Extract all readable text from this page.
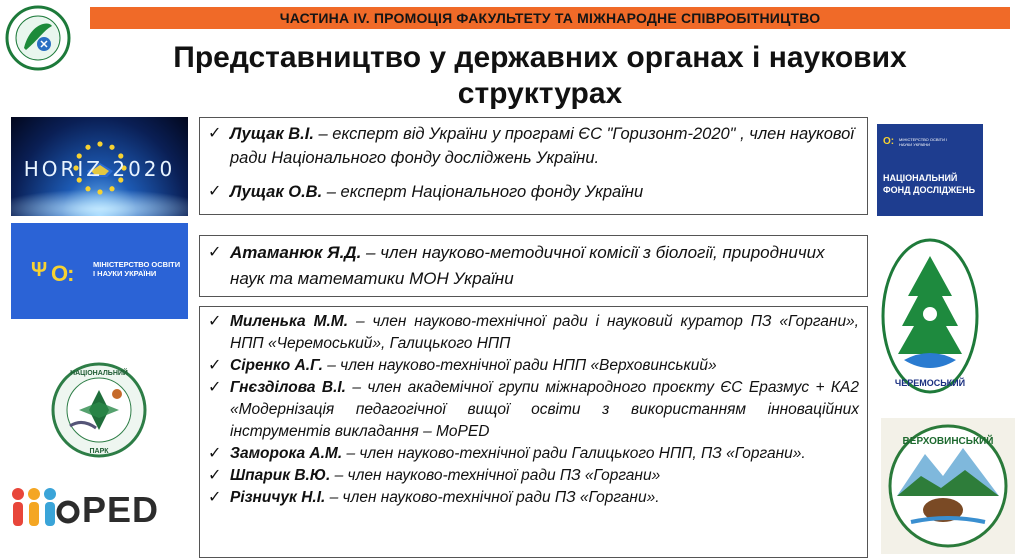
ЧАСТИНА IV. ПРОМОЦІЯ ФАКУЛЬТЕТУ ТА МІЖНАРОДНЕ СПІВРОБІТНИЦТВО
Представництво у державних органах і наукових структурах
HORIZ 2020
Ψ О:	МІНІСТЕРСТВО ОСВІТИ І НАУКИ УКРАЇНИ
НАЦІОНАЛЬНИЙ
ПАРК
PED
О: МІНІСТЕРСТВО ОСВІТИ І НАУКИ УКРАЇНИ
НАЦІОНАЛЬНИЙ ФОНД ДОСЛІДЖЕНЬ
ЧЕРЕМОСЬКИЙ
ВЕРХОВИНСЬКИЙ
✓ Лущак В.І. – експерт від України у програмі ЄС "Горизонт-2020" , член наукової ради Національного фонду досліджень України.
✓ Лущак О.В. – експерт Національного фонду України
✓ Атаманюк Я.Д. – член науково-методичної комісії з біології, природничих наук та математики МОН України
✓ Миленька М.М. – член науково-технічної ради і науковий куратор ПЗ «Горгани», НПП «Черемоський», Галицького НПП
✓ Сіренко А.Г. – член науково-технічної ради НПП «Верховинський»
✓ Гнєзділова В.І. – член академічної групи міжнародного проєкту ЄС Еразмус + КА2 «Модернізація педагогічної вищої освіти з використанням інноваційних інструментів викладання – MoPED
✓ Заморока А.М. – член науково-технічної ради Галицького НПП, ПЗ «Горгани».
✓ Шпарик В.Ю. – член науково-технічної ради ПЗ «Горгани»
✓ Різничук Н.І. – член науково-технічної ради ПЗ «Горгани».
